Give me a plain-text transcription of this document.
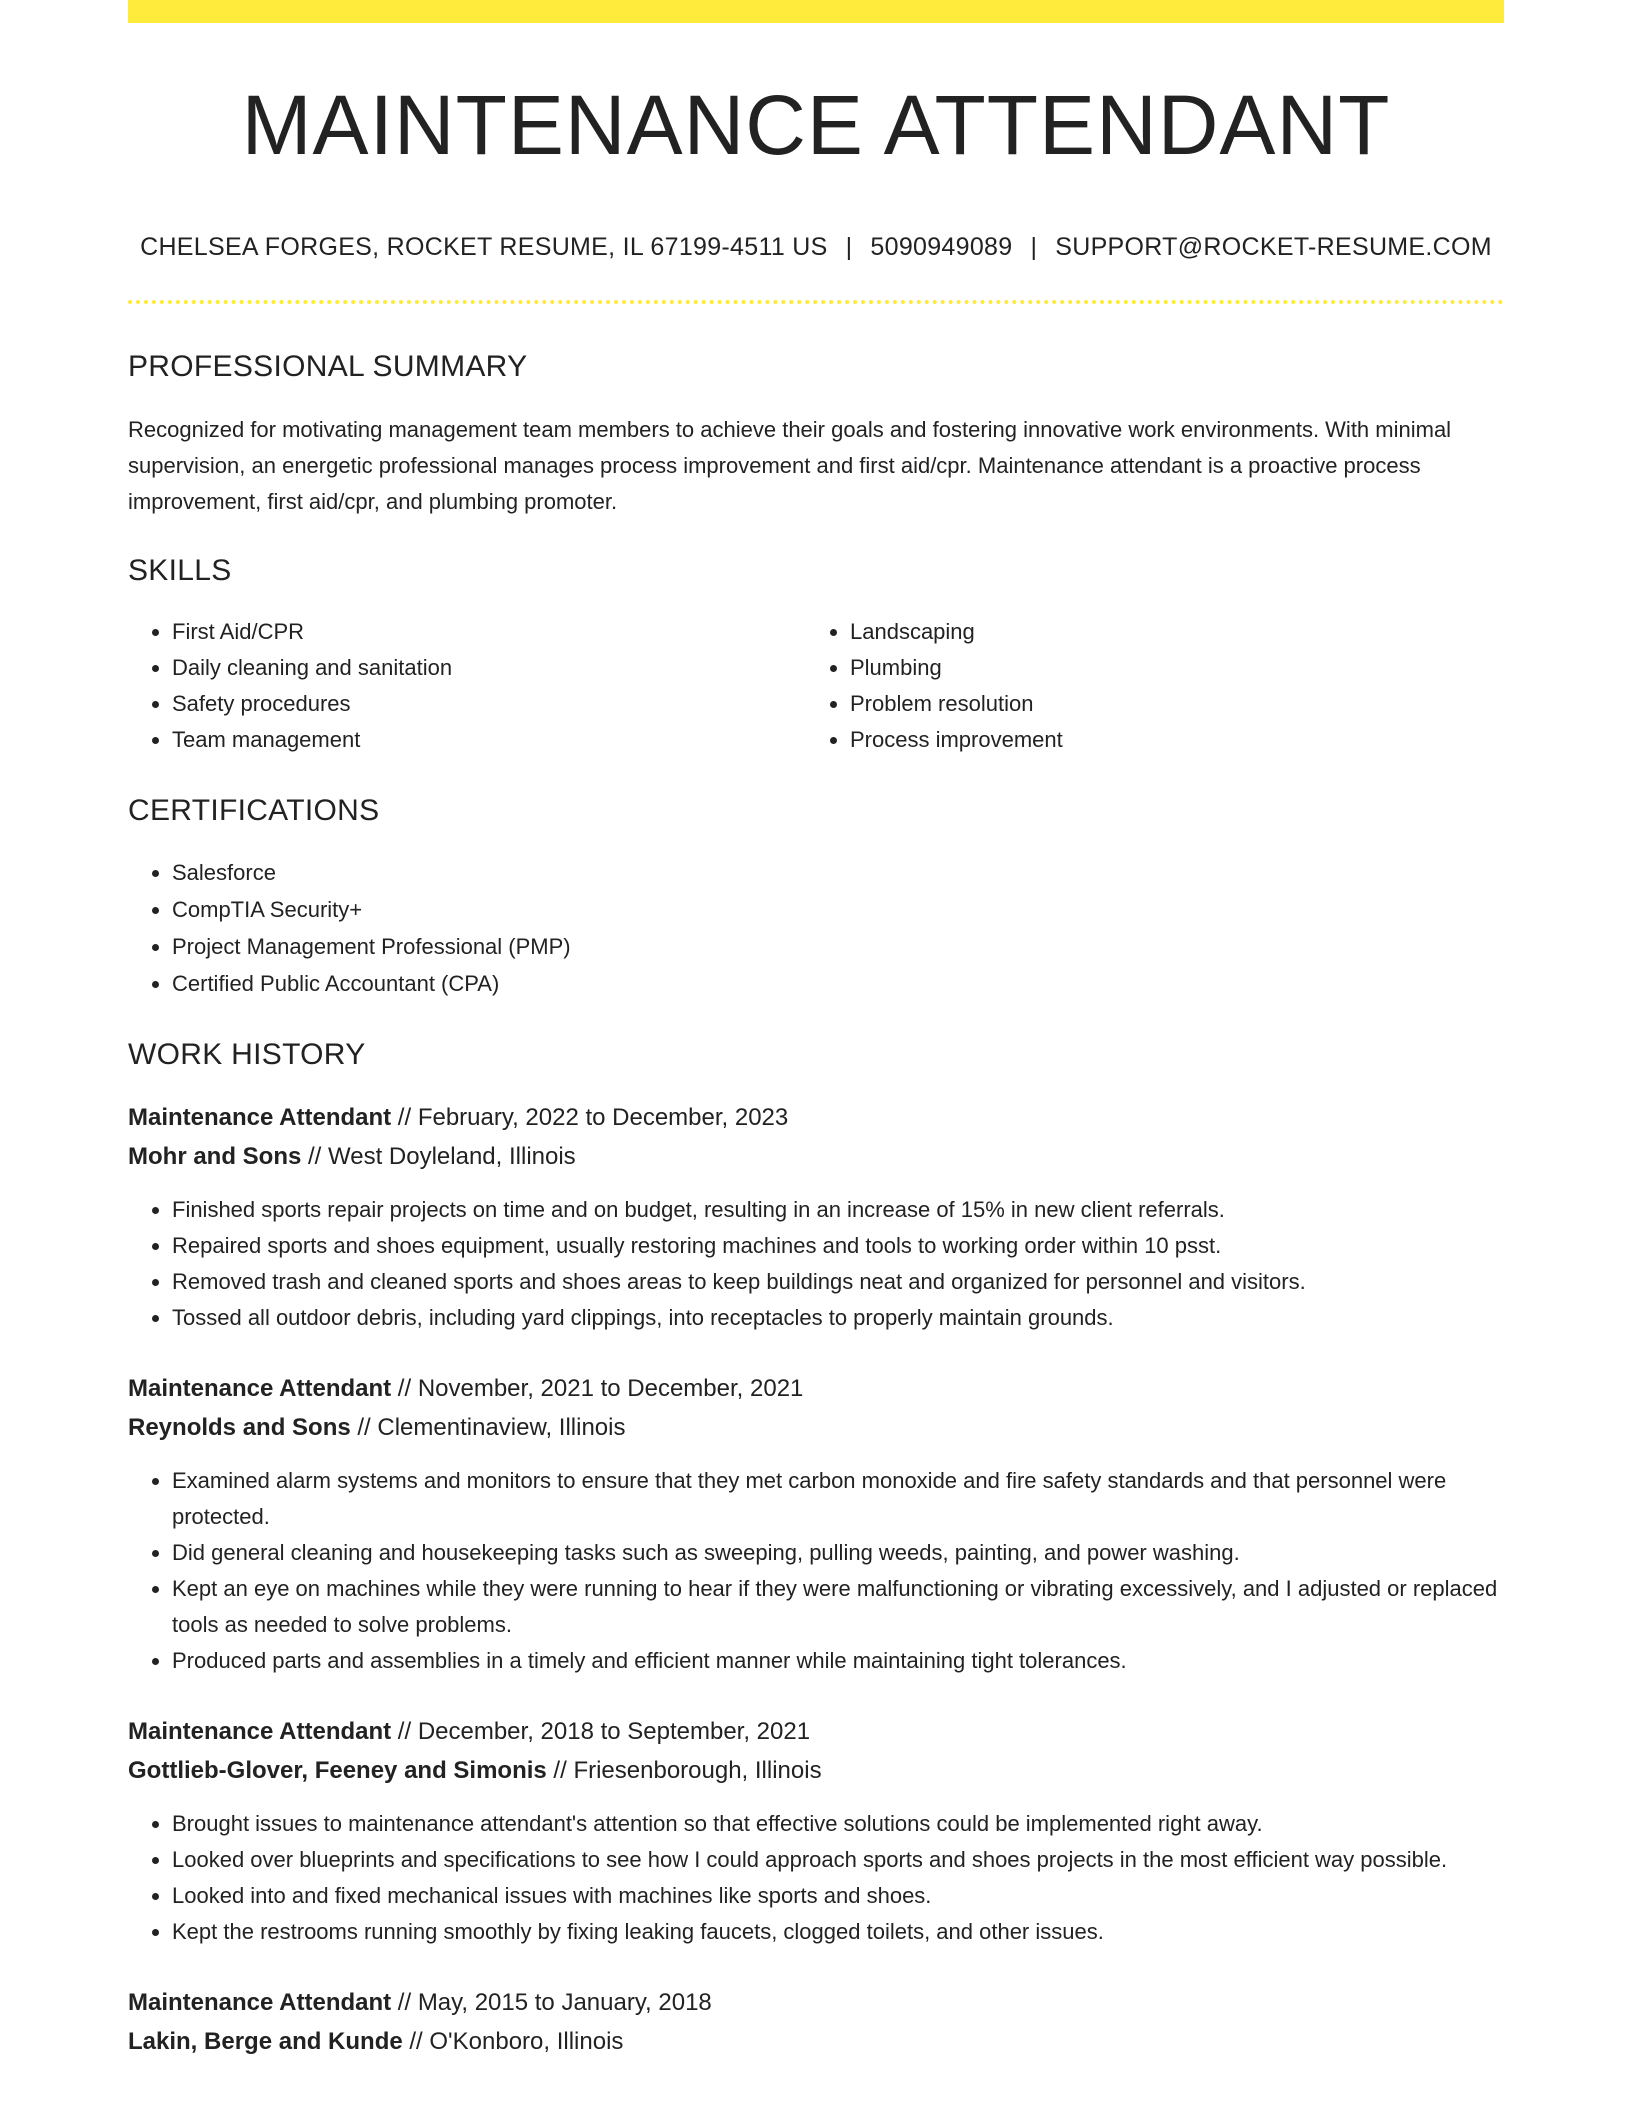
MAINTENANCE ATTENDANT
CHELSEA FORGES, ROCKET RESUME, IL 67199-4511 US | 5090949089 | SUPPORT@ROCKET-RESUME.COM
PROFESSIONAL SUMMARY

Recognized for motivating management team members to achieve their goals and fostering innovative work environments. With minimal supervision, an energetic professional manages process improvement and first aid/cpr. Maintenance attendant is a proactive process improvement, first aid/cpr, and plumbing promoter.

SKILLS
• First Aid/CPR
• Daily cleaning and sanitation
• Safety procedures
• Team management
• Landscaping
• Plumbing
• Problem resolution
• Process improvement
CERTIFICATIONS
• Salesforce
• CompTIA Security+
• Project Management Professional (PMP)
• Certified Public Accountant (CPA)
WORK HISTORY
Maintenance Attendant // February, 2022 to December, 2023
Mohr and Sons // West Doyleland, Illinois
• Finished sports repair projects on time and on budget, resulting in an increase of 15% in new client referrals.
• Repaired sports and shoes equipment, usually restoring machines and tools to working order within 10 psst.
• Removed trash and cleaned sports and shoes areas to keep buildings neat and organized for personnel and visitors.
• Tossed all outdoor debris, including yard clippings, into receptacles to properly maintain grounds.
Maintenance Attendant // November, 2021 to December, 2021
Reynolds and Sons // Clementinaview, Illinois
• Examined alarm systems and monitors to ensure that they met carbon monoxide and fire safety standards and that personnel were protected.
• Did general cleaning and housekeeping tasks such as sweeping, pulling weeds, painting, and power washing.
• Kept an eye on machines while they were running to hear if they were malfunctioning or vibrating excessively, and I adjusted or replaced tools as needed to solve problems.
• Produced parts and assemblies in a timely and efficient manner while maintaining tight tolerances.
Maintenance Attendant // December, 2018 to September, 2021
Gottlieb-Glover, Feeney and Simonis // Friesenborough, Illinois
• Brought issues to maintenance attendant's attention so that effective solutions could be implemented right away.
• Looked over blueprints and specifications to see how I could approach sports and shoes projects in the most efficient way possible.
• Looked into and fixed mechanical issues with machines like sports and shoes.
• Kept the restrooms running smoothly by fixing leaking faucets, clogged toilets, and other issues.
Maintenance Attendant // May, 2015 to January, 2018
Lakin, Berge and Kunde // O'Konboro, Illinois
